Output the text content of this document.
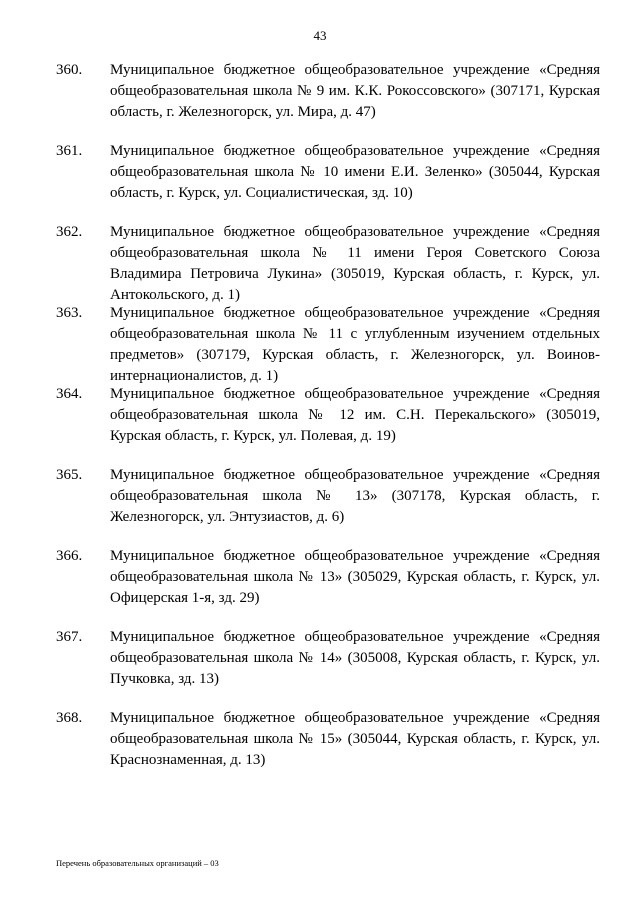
43
360. Муниципальное бюджетное общеобразовательное учреждение «Средняя общеобразовательная школа № 9 им. К.К. Рокоссовского» (307171, Курская область, г. Железногорск, ул. Мира, д. 47)
361. Муниципальное бюджетное общеобразовательное учреждение «Средняя общеобразовательная школа № 10 имени Е.И. Зеленко» (305044, Курская область, г. Курск, ул. Социалистическая, зд. 10)
362. Муниципальное бюджетное общеобразовательное учреждение «Средняя общеобразовательная школа № 11 имени Героя Советского Союза Владимира Петровича Лукина» (305019, Курская область, г. Курск, ул. Антокольского, д. 1)
363. Муниципальное бюджетное общеобразовательное учреждение «Средняя общеобразовательная школа № 11 с углубленным изучением отдельных предметов» (307179, Курская область, г. Железногорск, ул. Воинов-интернационалистов, д. 1)
364. Муниципальное бюджетное общеобразовательное учреждение «Средняя общеобразовательная школа № 12 им. С.Н. Перекальского» (305019, Курская область, г. Курск, ул. Полевая, д. 19)
365. Муниципальное бюджетное общеобразовательное учреждение «Средняя общеобразовательная школа № 13» (307178, Курская область, г. Железногорск, ул. Энтузиастов, д. 6)
366. Муниципальное бюджетное общеобразовательное учреждение «Средняя общеобразовательная школа № 13» (305029, Курская область, г. Курск, ул. Офицерская 1-я, зд. 29)
367. Муниципальное бюджетное общеобразовательное учреждение «Средняя общеобразовательная школа № 14» (305008, Курская область, г. Курск, ул. Пучковка, зд. 13)
368. Муниципальное бюджетное общеобразовательное учреждение «Средняя общеобразовательная школа № 15» (305044, Курская область, г. Курск, ул. Краснознаменная, д. 13)
Перечень образовательных организаций – 03
